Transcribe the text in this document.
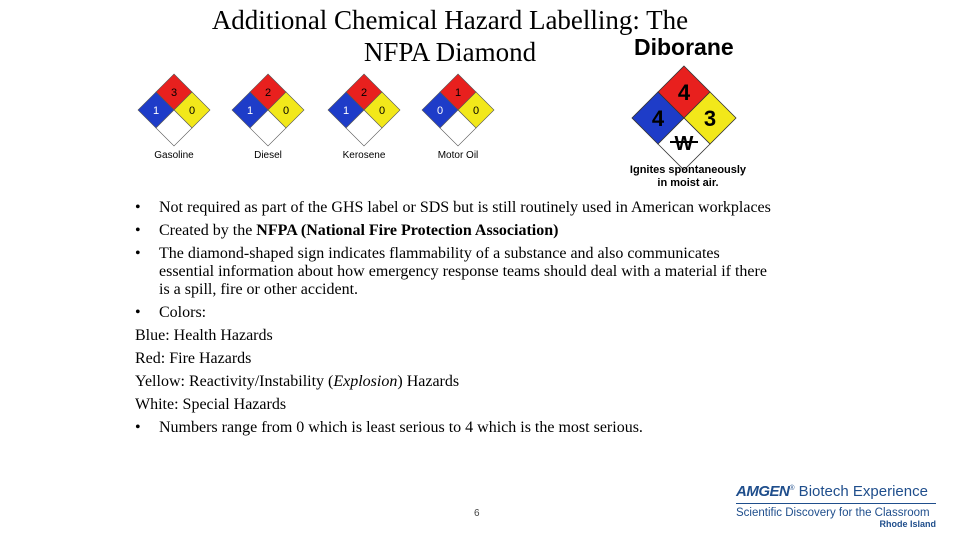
Additional Chemical Hazard Labelling: The
NFPA Diamond
3
1	0
Gasoline
2
1	0
Diesel
2
1	0
Kerosene
1
0	0
Motor Oil
Diborane
4
4 3
W
Ignites spontaneously
in moist air.
• Not required as part of the GHS label or SDS but is still routinely used in American workplaces
• Created by the NFPA (National Fire Protection Association)
• The diamond-shaped sign indicates flammability of a substance and also communicates essential information about how emergency response teams should deal with a material if there is a spill, fire or other accident.
• Colors:
Blue: Health Hazards
Red: Fire Hazards
Yellow: Reactivity/Instability (Explosion) Hazards
White: Special Hazards
• Numbers range from 0 which is least serious to 4 which is the most serious.
6
AMGEN® Biotech Experience
Scientific Discovery for the Classroom
Rhode Island
